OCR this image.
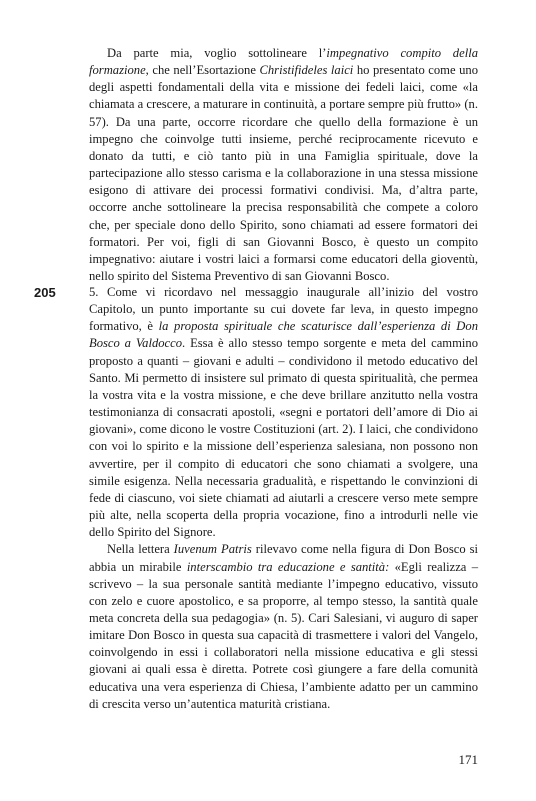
Da parte mia, voglio sottolineare l’impegnativo compito della formazione, che nell’Esortazione Christifideles laici ho presentato come uno degli aspetti fondamentali della vita e missione dei fedeli laici, come «la chiamata a crescere, a maturare in continuità, a portare sempre più frutto» (n. 57). Da una parte, occorre ricordare che quello della formazione è un impegno che coinvolge tutti insieme, perché reciprocamente ricevuto e donato da tutti, e ciò tanto più in una Famiglia spirituale, dove la partecipazione allo stesso carisma e la collaborazione in una stessa missione esigono di attivare dei processi formativi condivisi. Ma, d’altra parte, occorre anche sottolineare la precisa responsabilità che compete a coloro che, per speciale dono dello Spirito, sono chiamati ad essere formatori dei formatori. Per voi, figli di san Giovanni Bosco, è questo un compito impegnativo: aiutare i vostri laici a formarsi come educatori della gioventù, nello spirito del Sistema Preventivo di san Giovanni Bosco.

205	5. Come vi ricordavo nel messaggio inaugurale all’inizio del vostro Capitolo, un punto importante su cui dovete far leva, in questo impegno formativo, è la proposta spirituale che scaturisce dall’esperienza di Don Bosco a Valdocco. Essa è allo stesso tempo sorgente e meta del cammino proposto a quanti – giovani e adulti – condividono il metodo educativo del Santo. Mi permetto di insistere sul primato di questa spiritualità, che permea la vostra vita e la vostra missione, e che deve brillare anzitutto nella vostra testimonianza di consacrati apostoli, «segni e portatori dell’amore di Dio ai giovani», come dicono le vostre Costituzioni (art. 2). I laici, che condividono con voi lo spirito e la missione dell’esperienza salesiana, non possono non avvertire, per il compito di educatori che sono chiamati a svolgere, una simile esigenza. Nella necessaria gradualità, e rispettando le convinzioni di fede di ciascuno, voi siete chiamati ad aiutarli a crescere verso mete sempre più alte, nella scoperta della propria vocazione, fino a introdurli nelle vie dello Spirito del Signore.

Nella lettera Iuvenum Patris rilevavo come nella figura di Don Bosco si abbia un mirabile interscambio tra educazione e santità: «Egli realizza – scrivevo – la sua personale santità mediante l’impegno educativo, vissuto con zelo e cuore apostolico, e sa proporre, al tempo stesso, la santità quale meta concreta della sua pedagogia» (n. 5). Cari Salesiani, vi auguro di saper imitare Don Bosco in questa sua capacità di trasmettere i valori del Vangelo, coinvolgendo in essi i collaboratori nella missione educativa e gli stessi giovani ai quali essa è diretta. Potrete così giungere a fare della comunità educativa una vera esperienza di Chiesa, l’ambiente adatto per un cammino di crescita verso un’autentica maturità cristiana.

171
